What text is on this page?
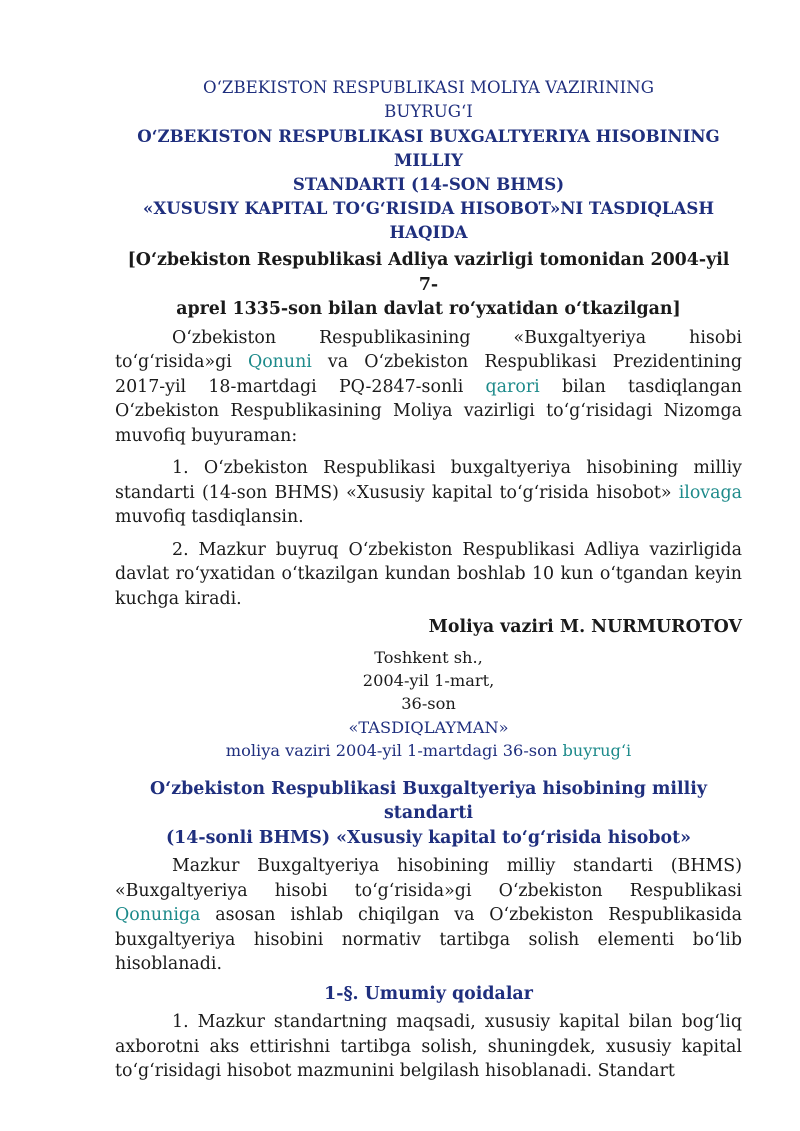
O‘ZBEKISTON RESPUBLIKASI MOLIYA VAZIRINING

BUYRUG‘I

O‘ZBEKISTON RESPUBLIKASI BUXGALTYERIYA HISOBINING MILLIY

STANDARTI (14-SON BHMS)

«XUSUSIY KAPITAL TO‘G‘RISIDA HISOBOT»NI TASDIQLASH

HAQIDA

[O‘zbekiston Respublikasi Adliya vazirligi tomonidan 2004-yil 7-
aprel 1335-son bilan davlat ro‘yxatidan o‘tkazilgan]

O‘zbekiston Respublikasining «Buxgaltyeriya hisobi to‘g‘risida»gi Qonuni va O‘zbekiston Respublikasi Prezidentining 2017-yil 18-martdagi PQ-2847-sonli qarori bilan tasdiqlangan O‘zbekiston Respublikasining Moliya vazirligi to‘g‘risidagi Nizomga muvofiq buyuraman:

1. O‘zbekiston Respublikasi buxgaltyeriya hisobining milliy standarti (14-son BHMS) «Xususiy kapital to‘g‘risida hisobot» ilovaga muvofiq tasdiqlansin.

2. Mazkur buyruq O‘zbekiston Respublikasi Adliya vazirligida davlat ro‘yxatidan o‘tkazilgan kundan boshlab 10 kun o‘tgandan keyin kuchga kiradi.

Moliya vaziri M. NURMUROTOV

Toshkent sh.,

2004-yil 1-mart,

36-son

«TASDIQLAYMAN»

moliya vaziri 2004-yil 1-martdagi 36-son buyrug‘i

O‘zbekiston Respublikasi Buxgaltyeriya hisobining milliy standarti

(14-sonli BHMS) «Xususiy kapital to‘g‘risida hisobot»

Mazkur Buxgaltyeriya hisobining milliy standarti (BHMS) «Buxgaltyeriya hisobi to‘g‘risida»gi O‘zbekiston Respublikasi Qonuniga asosan ishlab chiqilgan va O‘zbekiston Respublikasida buxgaltyeriya hisobini normativ tartibga solish elementi bo‘lib hisoblanadi.

1-§. Umumiy qoidalar

1. Mazkur standartning maqsadi, xususiy kapital bilan bog‘liq axborotni aks ettirishni tartibga solish, shuningdek, xususiy kapital to‘g‘risidagi hisobot mazmunini belgilash hisoblanadi. Standart
